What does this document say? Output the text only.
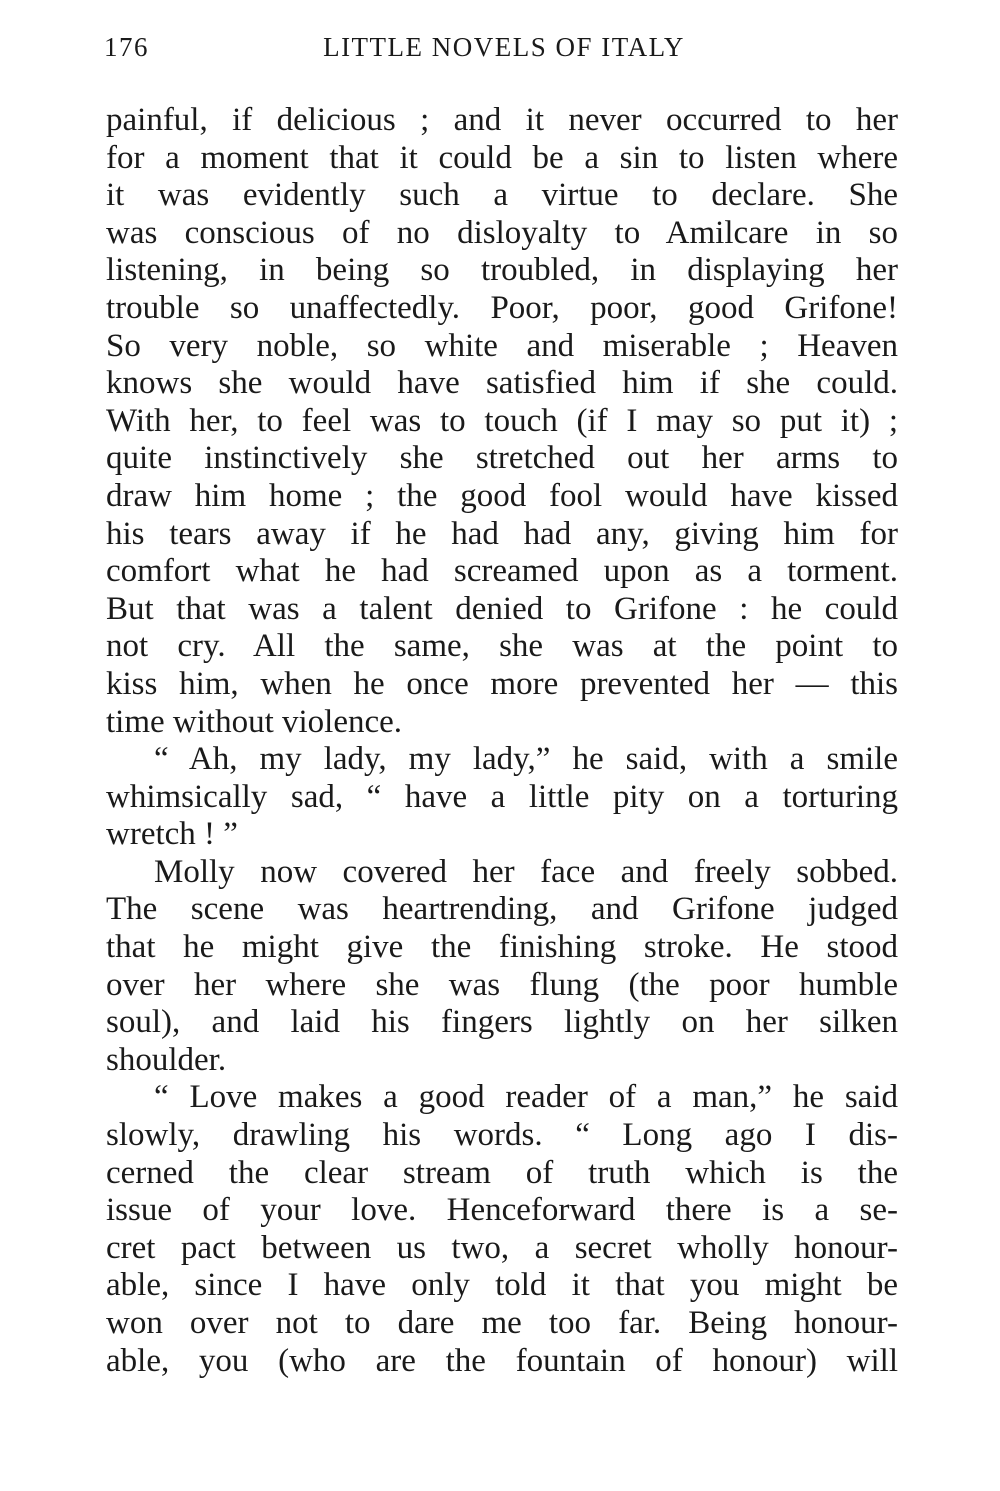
176	LITTLE NOVELS OF ITALY
painful, if delicious ; and it never occurred to her
for a moment that it could be a sin to listen where
it was evidently such a virtue to declare. She
was conscious of no disloyalty to Amilcare in so
listening, in being so troubled, in displaying her
trouble so unaffectedly. Poor, poor, good Grifone!
So very noble, so white and miserable ; Heaven
knows she would have satisfied him if she could.
With her, to feel was to touch (if I may so put it) ;
quite instinctively she stretched out her arms to
draw him home ; the good fool would have kissed
his tears away if he had had any, giving him for
comfort what he had screamed upon as a torment.
But that was a talent denied to Grifone : he could
not cry. All the same, she was at the point to
kiss him, when he once more prevented her — this
time without violence.
“ Ah, my lady, my lady,” he said, with a smile
whimsically sad, “ have a little pity on a torturing
wretch ! ”
Molly now covered her face and freely sobbed.
The scene was heartrending, and Grifone judged
that he might give the finishing stroke. He stood
over her where she was flung (the poor humble
soul), and laid his fingers lightly on her silken
shoulder.
“ Love makes a good reader of a man,” he said
slowly, drawling his words. “ Long ago I dis-
cerned the clear stream of truth which is the
issue of your love. Henceforward there is a se-
cret pact between us two, a secret wholly honour-
able, since I have only told it that you might be
won over not to dare me too far. Being honour-
able, you (who are the fountain of honour) will
